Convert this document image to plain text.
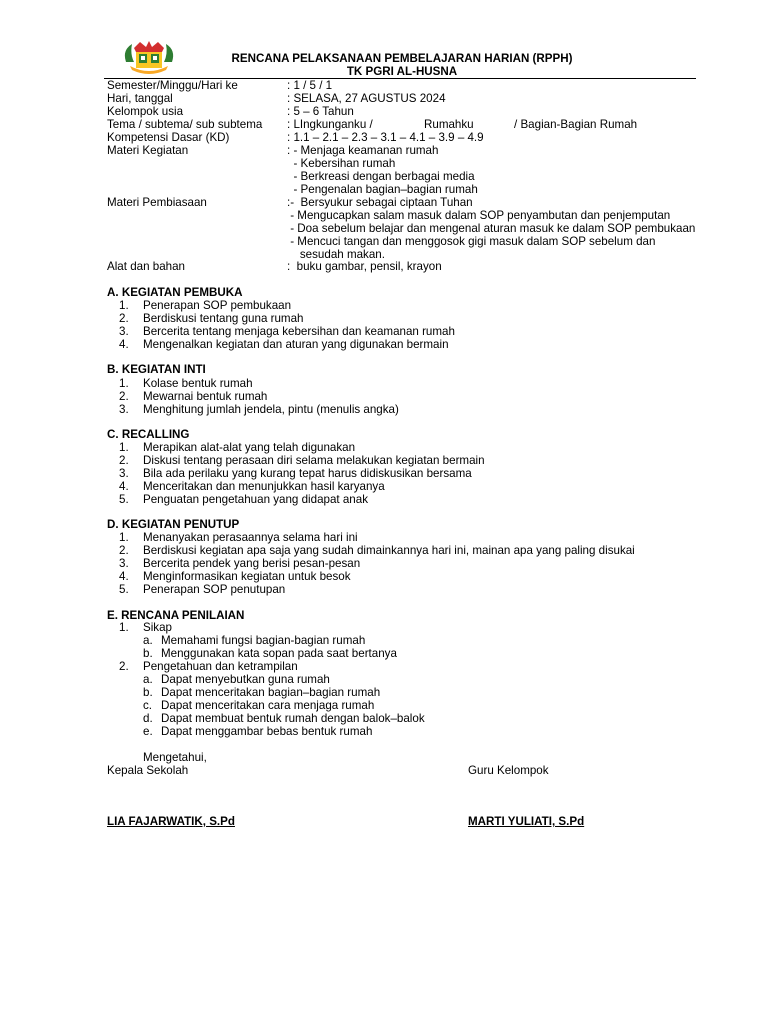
RENCANA PELAKSANAAN PEMBELAJARAN HARIAN (RPPH)
TK PGRI AL-HUSNA
Semester/Minggu/Hari ke	: 1 / 5 / 1
Hari, tanggal	: SELASA, 27 AGUSTUS 2024
Kelompok usia	: 5 – 6 Tahun
Tema / subtema/ sub subtema : LIngkunganku /	Rumahku	/ Bagian-Bagian Rumah
Kompetensi Dasar (KD)	: 1.1 – 2.1 – 2.3 – 3.1 – 4.1 – 3.9 – 4.9
Materi Kegiatan	: - Menjaga keamanan rumah
- Kebersihan rumah
- Berkreasi dengan berbagai media
- Pengenalan bagian–bagian rumah
Materi Pembiasaan	:-  Bersyukur sebagai ciptaan Tuhan
- Mengucapkan salam masuk dalam SOP penyambutan dan penjemputan
- Doa sebelum belajar dan mengenal aturan masuk ke dalam SOP pembukaan
- Mencuci tangan dan menggosok gigi masuk dalam SOP sebelum dan
sesudah makan.
Alat dan bahan	:  buku gambar, pensil, krayon
A. KEGIATAN PEMBUKA
1. Penerapan SOP pembukaan
2. Berdiskusi tentang guna rumah
3. Bercerita tentang menjaga kebersihan dan keamanan rumah
4. Mengenalkan kegiatan dan aturan yang digunakan bermain
B. KEGIATAN INTI
1. Kolase bentuk rumah
2. Mewarnai bentuk rumah
3. Menghitung jumlah jendela, pintu (menulis angka)
C. RECALLING
1. Merapikan alat-alat yang telah digunakan
2. Diskusi tentang perasaan diri selama melakukan kegiatan bermain
3. Bila ada perilaku yang kurang tepat harus didiskusikan bersama
4. Menceritakan dan menunjukkan hasil karyanya
5. Penguatan pengetahuan yang didapat anak
D. KEGIATAN PENUTUP
1. Menanyakan perasaannya selama hari ini
2. Berdiskusi kegiatan apa saja yang sudah dimainkannya hari ini, mainan apa yang paling disukai
3. Bercerita pendek yang berisi pesan-pesan
4. Menginformasikan kegiatan untuk besok
5. Penerapan SOP penutupan
E. RENCANA PENILAIAN
1. Sikap
a. Memahami fungsi bagian-bagian rumah
b. Menggunakan kata sopan pada saat bertanya
2. Pengetahuan dan ketrampilan
a. Dapat menyebutkan guna rumah
b. Dapat menceritakan bagian–bagian rumah
c. Dapat menceritakan cara menjaga rumah
d. Dapat membuat bentuk rumah dengan balok–balok
e. Dapat menggambar bebas bentuk rumah
Mengetahui,
Kepala Sekolah	Guru Kelompok
LIA FAJARWATIK, S.Pd	MARTI YULIATI, S.Pd
